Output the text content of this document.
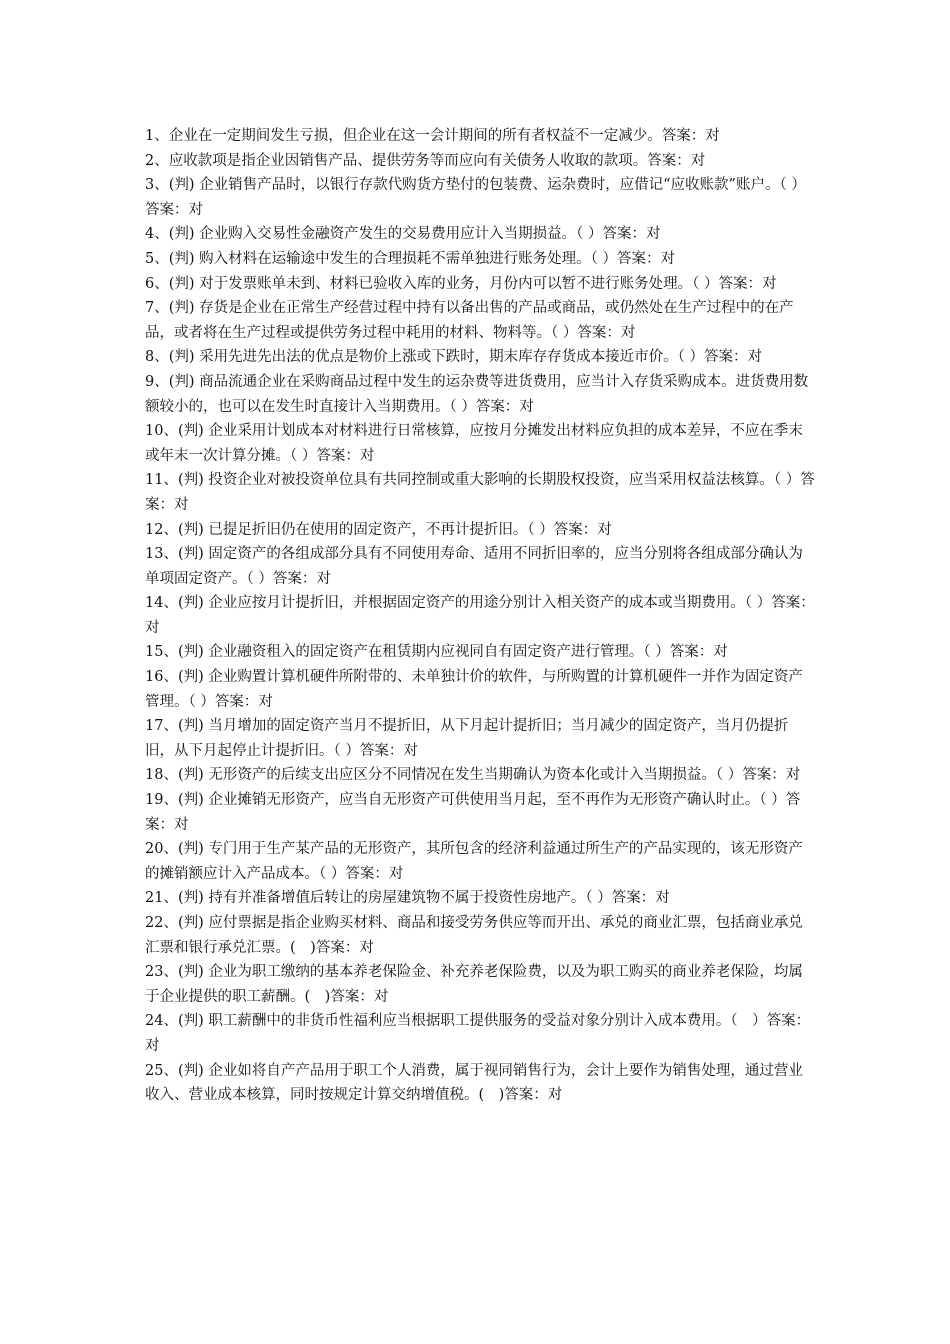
1、企业在一定期间发生亏损，但企业在这一会计期间的所有者权益不一定减少。答案：对

2、应收款项是指企业因销售产品、提供劳务等而应向有关债务人收取的款项。答案：对

3、(判) 企业销售产品时，以银行存款代购货方垫付的包装费、运杂费时，应借记“应收账款”账户。（ ）答案：对

4、(判) 企业购入交易性金融资产发生的交易费用应计入当期损益。（ ）答案：对

5、(判) 购入材料在运输途中发生的合理损耗不需单独进行账务处理。（ ）答案：对

6、(判) 对于发票账单未到、材料已验收入库的业务，月份内可以暂不进行账务处理。（ ）答案：对

7、(判) 存货是企业在正常生产经营过程中持有以备出售的产品或商品，或仍然处在生产过程中的在产品，或者将在生产过程或提供劳务过程中耗用的材料、物料等。（ ）答案：对

8、(判) 采用先进先出法的优点是物价上涨或下跌时，期末库存存货成本接近市价。（ ）答案：对

9、(判) 商品流通企业在采购商品过程中发生的运杂费等进货费用，应当计入存货采购成本。进货费用数额较小的，也可以在发生时直接计入当期费用。（ ）答案：对

10、(判) 企业采用计划成本对材料进行日常核算，应按月分摊发出材料应负担的成本差异，不应在季末或年末一次计算分摊。（ ）答案：对

11、(判) 投资企业对被投资单位具有共同控制或重大影响的长期股权投资，应当采用权益法核算。（ ）答案：对

12、(判) 已提足折旧仍在使用的固定资产，不再计提折旧。（ ）答案：对

13、(判) 固定资产的各组成部分具有不同使用寿命、适用不同折旧率的，应当分别将各组成部分确认为单项固定资产。（ ）答案：对

14、(判) 企业应按月计提折旧，并根据固定资产的用途分别计入相关资产的成本或当期费用。（ ）答案：对

15、(判) 企业融资租入的固定资产在租赁期内应视同自有固定资产进行管理。（ ）答案：对

16、(判) 企业购置计算机硬件所附带的、未单独计价的软件，与所购置的计算机硬件一并作为固定资产管理。（ ）答案：对

17、(判) 当月增加的固定资产当月不提折旧，从下月起计提折旧；当月减少的固定资产，当月仍提折旧，从下月起停止计提折旧。（ ）答案：对

18、(判) 无形资产的后续支出应区分不同情况在发生当期确认为资本化或计入当期损益。（ ）答案：对

19、(判) 企业摊销无形资产，应当自无形资产可供使用当月起，至不再作为无形资产确认时止。（ ）答案：对

20、(判) 专门用于生产某产品的无形资产，其所包含的经济利益通过所生产的产品实现的，该无形资产的摊销额应计入产品成本。（ ）答案：对

21、(判) 持有并准备增值后转让的房屋建筑物不属于投资性房地产。（ ）答案：对

22、(判) 应付票据是指企业购买材料、商品和接受劳务供应等而开出、承兑的商业汇票，包括商业承兑汇票和银行承兑汇票。(　)答案：对

23、(判) 企业为职工缴纳的基本养老保险金、补充养老保险费，以及为职工购买的商业养老保险，均属于企业提供的职工薪酬。(　)答案：对

24、(判) 职工薪酬中的非货币性福利应当根据职工提供服务的受益对象分别计入成本费用。（　）答案：对

25、(判) 企业如将自产产品用于职工个人消费，属于视同销售行为，会计上要作为销售处理，通过营业收入、营业成本核算，同时按规定计算交纳增值税。(　)答案：对
